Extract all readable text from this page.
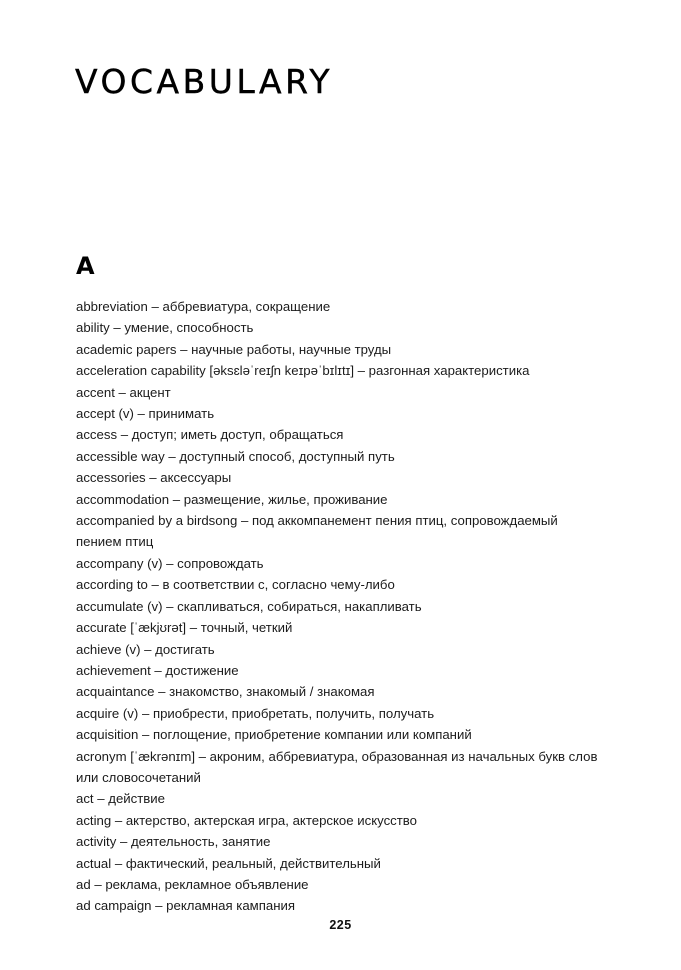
VOCABULARY
A
abbreviation – аббревиатура, сокращение
ability – умение, способность
academic papers – научные работы, научные труды
acceleration capability [əksɛləˈreɪʃn keɪpəˈbɪlɪtɪ] – разгонная характеристика
accent – акцент
accept (v) – принимать
access – доступ; иметь доступ, обращаться
accessible way – доступный способ, доступный путь
accessories – аксессуары
accommodation – размещение, жилье, проживание
accompanied by a birdsong – под аккомпанемент пения птиц, сопровождаемый пением птиц
accompany (v) – сопровождать
according to – в соответствии с, согласно чему-либо
accumulate (v) – скапливаться, собираться, накапливать
accurate [ˈækjʊrət] – точный, четкий
achieve (v) – достигать
achievement – достижение
acquaintance – знакомство, знакомый / знакомая
acquire (v) – приобрести, приобретать, получить, получать
acquisition – поглощение, приобретение компании или компаний
acronym [ˈækrənɪm] – акроним, аббревиатура, образованная из начальных букв слов или словосочетаний
act – действие
acting – актерство, актерская игра, актерское искусство
activity – деятельность, занятие
actual – фактический, реальный, действительный
ad – реклама, рекламное объявление
ad campaign – рекламная кампания
225
